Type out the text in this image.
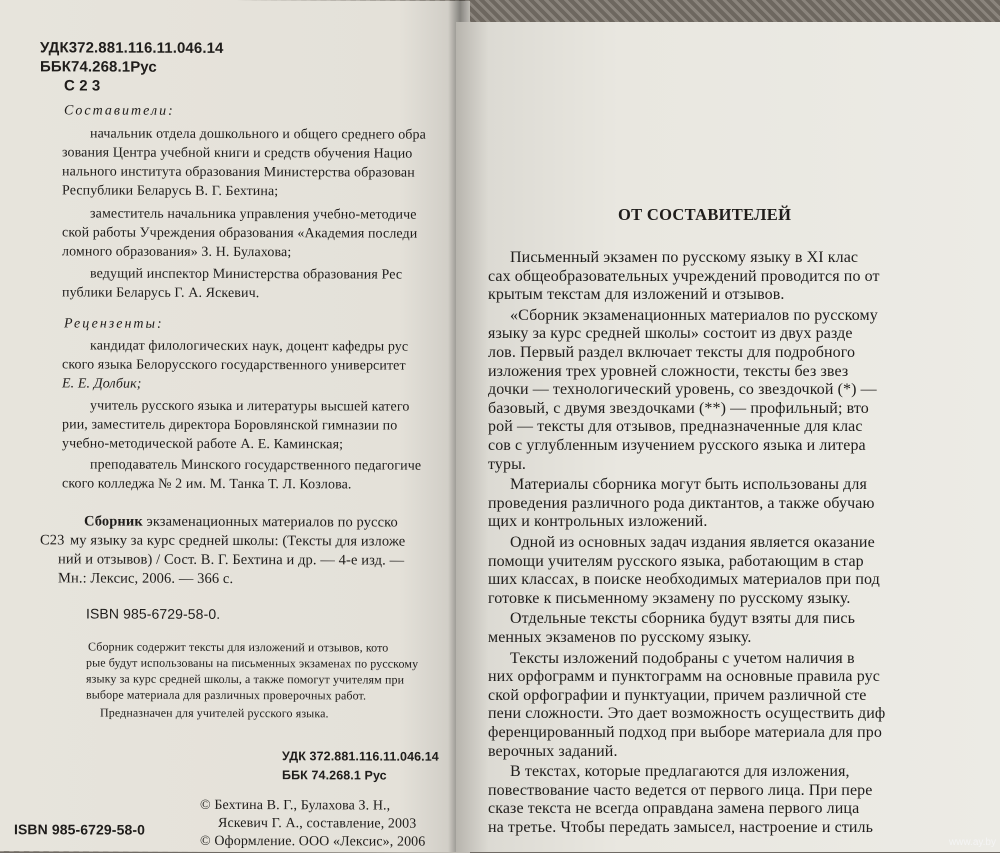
УДК372.881.116.11.046.14
ББК74.268.1Рус
С 2 3
Составители:
начальник отдела дошкольного и общего среднего обра
зования Центра учебной книги и средств обучения Нацио
нального института образования Министерства образован
Республики Беларусь В. Г. Бехтина;
заместитель начальника управления учебно-методиче
ской работы Учреждения образования «Академия последи
ломного образования» З. Н. Булахова;
ведущий инспектор Министерства образования Рес
публики Беларусь Г. А. Яскевич.
Рецензенты:
кандидат филологических наук, доцент кафедры рус
ского языка Белорусского государственного университет
Е. Е. Долбик;
учитель русского языка и литературы высшей катего
рии, заместитель директора Боровлянской гимназии по
учебно-методической работе А. Е. Каминская;
преподаватель Минского государственного педагогиче
ского колледжа № 2 им. М. Танка Т. Л. Козлова.
Сборник экзаменационных материалов по русско
С23 му языку за курс средней школы: (Тексты для изложе
ний и отзывов) / Сост. В. Г. Бехтина и др. — 4-е изд. —
Мн.: Лексис, 2006. — 366 с.
ISBN 985-6729-58-0.
Сборник содержит тексты для изложений и отзывов, кото
рые будут использованы на письменных экзаменах по русскому
языку за курс средней школы, а также помогут учителям при
выборе материала для различных проверочных работ.
Предназначен для учителей русского языка.
УДК 372.881.116.11.046.14
ББК 74.268.1 Рус
© Бехтина В. Г., Булахова З. Н.,
Яскевич Г. А., составление, 2003
© Оформление. ООО «Лексис», 2006
ISBN 985-6729-58-0
ОТ СОСТАВИТЕЛЕЙ
Письменный экзамен по русскому языку в XI клас
сах общеобразовательных учреждений проводится по от
крытым текстам для изложений и отзывов.
«Сборник экзаменационных материалов по русскому
языку за курс средней школы» состоит из двух разде
лов. Первый раздел включает тексты для подробного
изложения трех уровней сложности, тексты без звез
дочки — технологический уровень, со звездочкой (*) —
базовый, с двумя звездочками (**) — профильный; вто
рой — тексты для отзывов, предназначенные для клас
сов с углубленным изучением русского языка и литера
туры.
Материалы сборника могут быть использованы для
проведения различного рода диктантов, а также обучаю
щих и контрольных изложений.
Одной из основных задач издания является оказание
помощи учителям русского языка, работающим в стар
ших классах, в поиске необходимых материалов при под
готовке к письменному экзамену по русскому языку.
Отдельные тексты сборника будут взяты для пись
менных экзаменов по русскому языку.
Тексты изложений подобраны с учетом наличия в
них орфограмм и пунктограмм на основные правила рус
ской орфографии и пунктуации, причем различной сте
пени сложности. Это дает возможность осуществить диф
ференцированный подход при выборе материала для про
верочных заданий.
В текстах, которые предлагаются для изложения,
повествование часто ведется от первого лица. При пере
сказе текста не всегда оправдана замена первого лица
на третье. Чтобы передать замысел, настроение и стиль
www.ay.by
